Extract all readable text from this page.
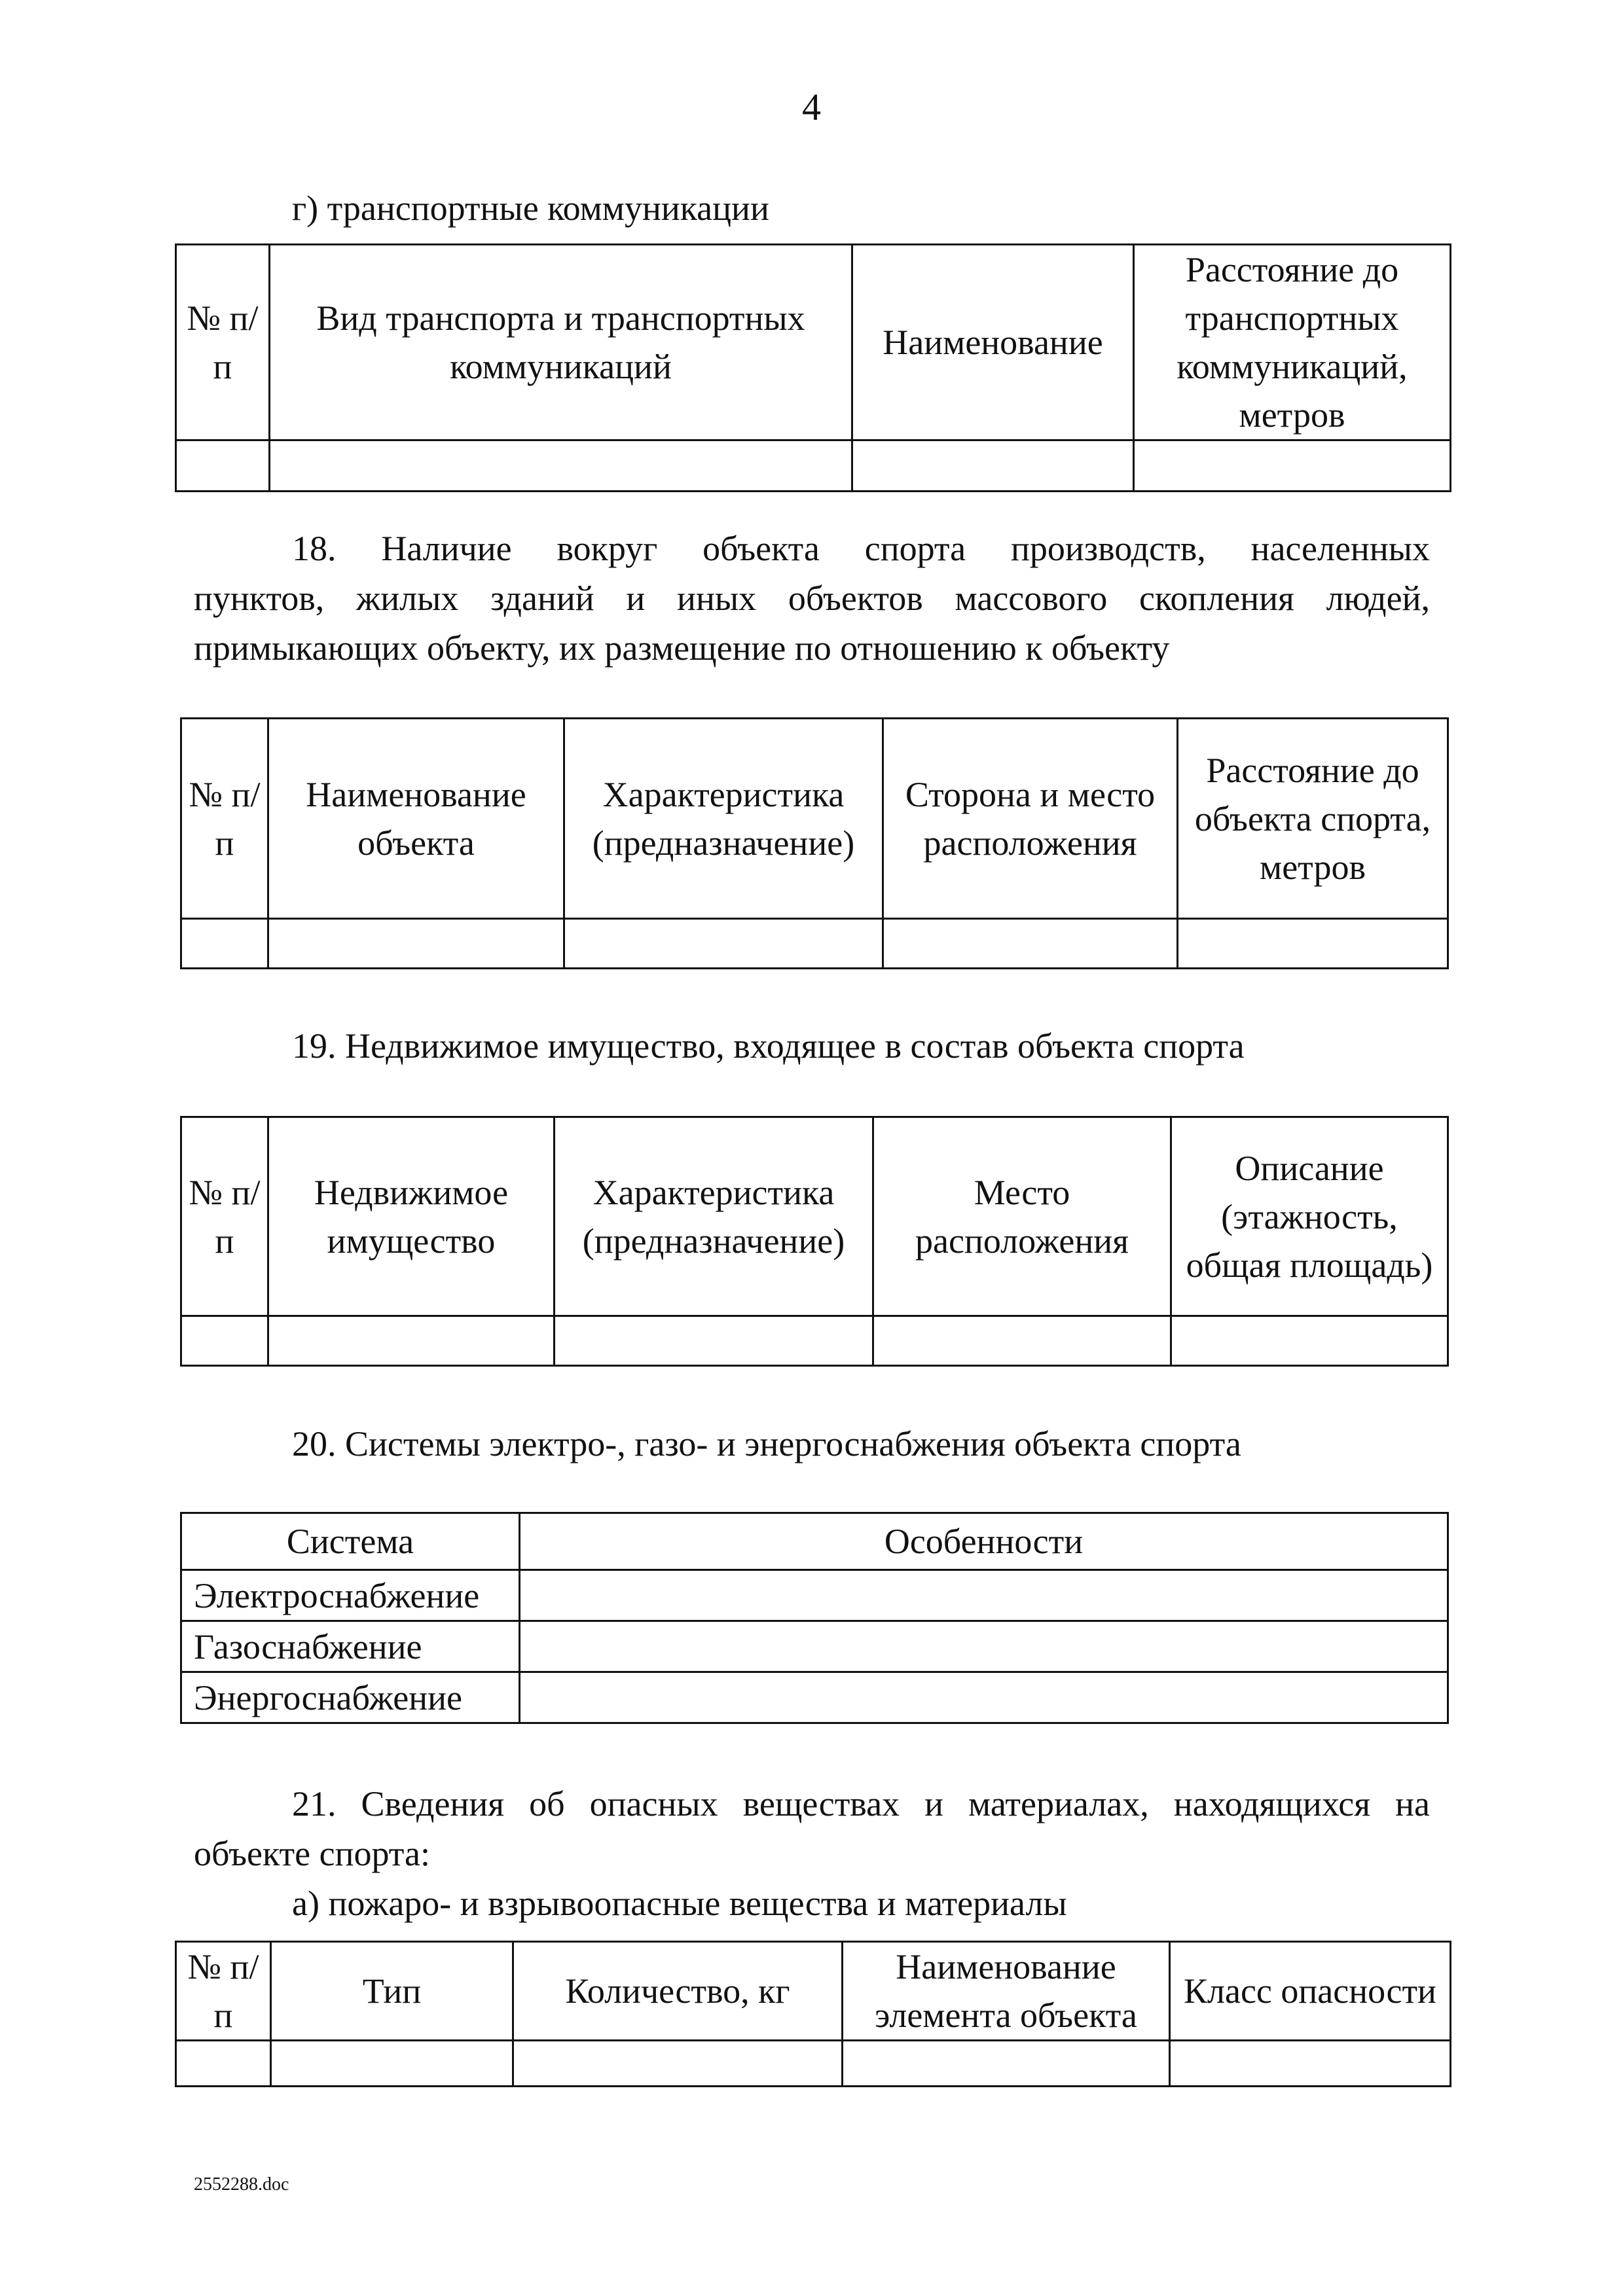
4
г) транспортные коммуникации
№ п/п	Вид транспорта и транспортных коммуникаций	Наименование	Расстояние до транспортных коммуникаций, метров

18. Наличие вокруг объекта спорта производств, населенных
пунктов, жилых зданий и иных объектов массового скопления людей,
примыкающих объекту, их размещение по отношению к объекту
№ п/п	Наименование объекта	Характеристика (предназначение)	Сторона и место расположения	Расстояние до объекта спорта, метров

19. Недвижимое имущество, входящее в состав объекта спорта
№ п/п	Недвижимое имущество	Характеристика (предназначение)	Место расположения	Описание (этажность, общая площадь)

20. Системы электро-, газо- и энергоснабжения объекта спорта
Система	Особенности
Электроснабжение	
Газоснабжение	
Энергоснабжение	
21. Сведения об опасных веществах и материалах, находящихся на
объекте спорта:
а) пожаро- и взрывоопасные вещества и материалы
№ п/п	Тип	Количество, кг	Наименование элемента объекта	Класс опасности

2552288.doc
